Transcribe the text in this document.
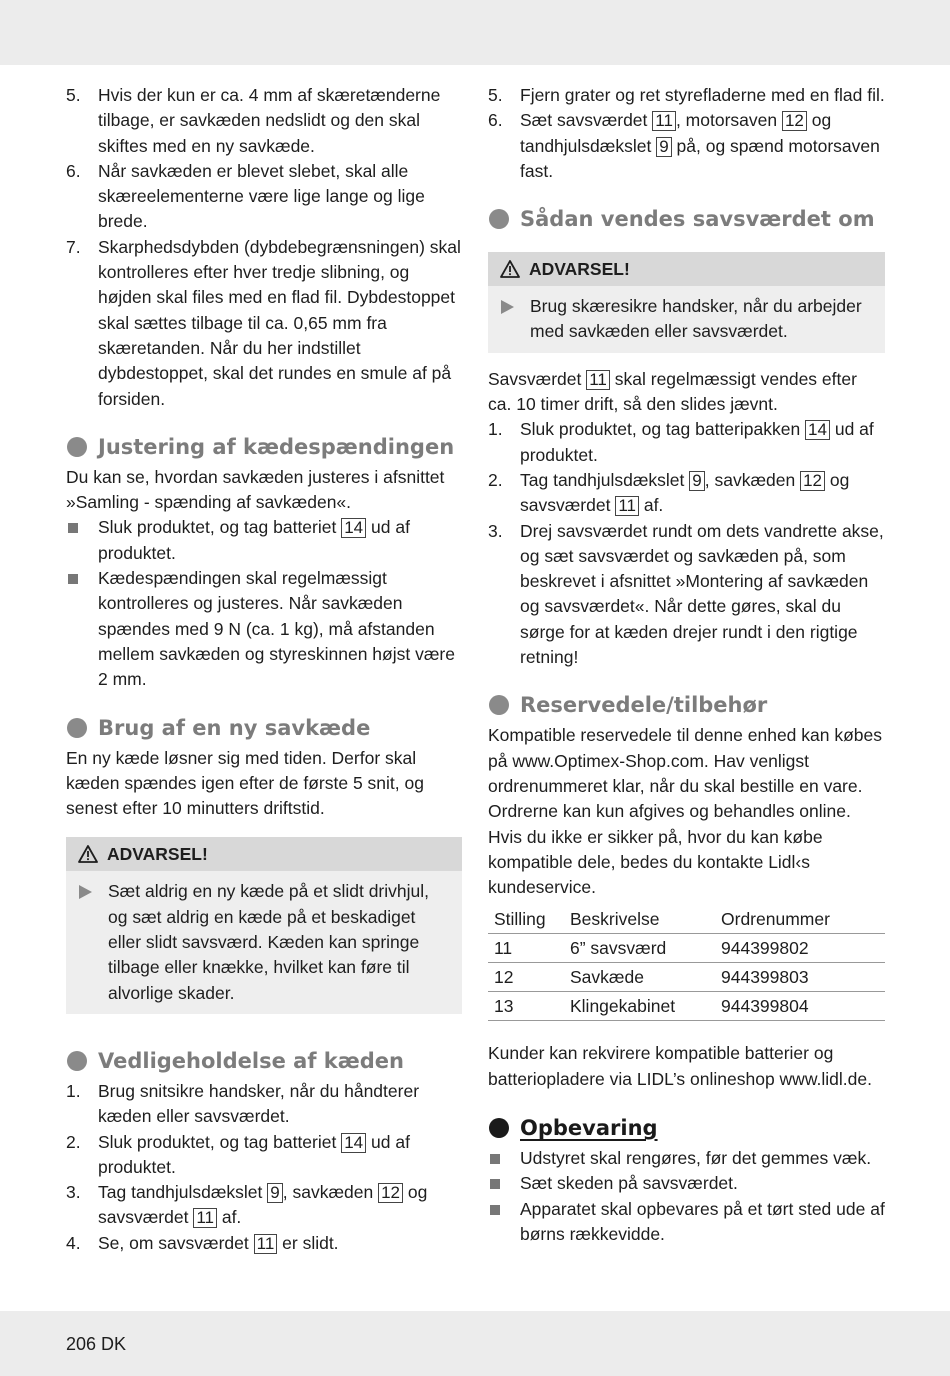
5. Hvis der kun er ca. 4 mm af skæretænderne tilbage, er savkæden nedslidt og den skal skiftes med en ny savkæde.
6. Når savkæden er blevet slebet, skal alle skæreelementerne være lige lange og lige brede.
7. Skarphedsdybden (dybdebegrænsningen) skal kontrolleres efter hver tredje slibning, og højden skal files med en flad fil. Dybdestoppet skal sættes tilbage til ca. 0,65 mm fra skæretanden. Når du her indstillet dybdestoppet, skal det rundes en smule af på forsiden.
Justering af kædespændingen

Du kan se, hvordan savkæden justeres i afsnittet »Samling - spænding af savkæden«.

Sluk produktet, og tag batteriet 14 ud af produktet.
Kædespændingen skal regelmæssigt kontrolleres og justeres. Når savkæden spændes med 9 N (ca. 1 kg), må afstanden mellem savkæden og styreskinnen højst være 2 mm.
Brug af en ny savkæde

En ny kæde løsner sig med tiden. Derfor skal kæden spændes igen efter de første 5 snit, og senest efter 10 minutters driftstid.

ADVARSEL!
Sæt aldrig en ny kæde på et slidt drivhjul, og sæt aldrig en kæde på et beskadiget eller slidt savsværd. Kæden kan springe tilbage eller knække, hvilket kan føre til alvorlige skader.
Vedligeholdelse af kæden
1. Brug snitsikre handsker, når du håndterer kæden eller savsværdet.
2. Sluk produktet, og tag batteriet 14 ud af produktet.
3. Tag tandhjulsdækslet 9 , savkæden 12 og savsværdet 11 af.
4. Se, om savsværdet 11 er slidt.
5. Fjern grater og ret styrefladerne med en flad fil.
6. Sæt savsværdet 11 , motorsaven 12 og tandhjulsdækslet 9 på, og spænd motorsaven fast.
Sådan vendes savsværdet om
ADVARSEL!
Brug skæresikre handsker, når du arbejder med savkæden eller savsværdet.

Savsværdet 11 skal regelmæssigt vendes efter ca. 10 timer drift, så den slides jævnt.

1. Sluk produktet, og tag batteripakken 14 ud af produktet.
2. Tag tandhjulsdækslet 9 , savkæden 12 og savsværdet 11 af.
3. Drej savsværdet rundt om dets vandrette akse, og sæt savsværdet og savkæden på, som beskrevet i afsnittet »Montering af savkæden og savsværdet«. Når dette gøres, skal du sørge for at kæden drejer rundt i den rigtige retning!
Reservedele/tilbehør

Kompatible reservedele til denne enhed kan købes på www.Optimex-Shop.com. Hav venligst ordrenummeret klar, når du skal bestille en vare. Ordrerne kan kun afgives og behandles online. Hvis du ikke er sikker på, hvor du kan købe kompatible dele, bedes du kontakte Lidl‹s kundeservice.

Stilling	Beskrivelse	Ordrenummer
11	6” savsværd	944399802
12	Savkæde	944399803
13	Klingekabinet	944399804

Kunder kan rekvirere kompatible batterier og batteriopladere via LIDL’s onlineshop www.lidl.de.

Opbevaring
Udstyret skal rengøres, før det gemmes væk.
Sæt skeden på savsværdet.
Apparatet skal opbevares på et tørt sted ude af børns rækkevidde.
206 DK
